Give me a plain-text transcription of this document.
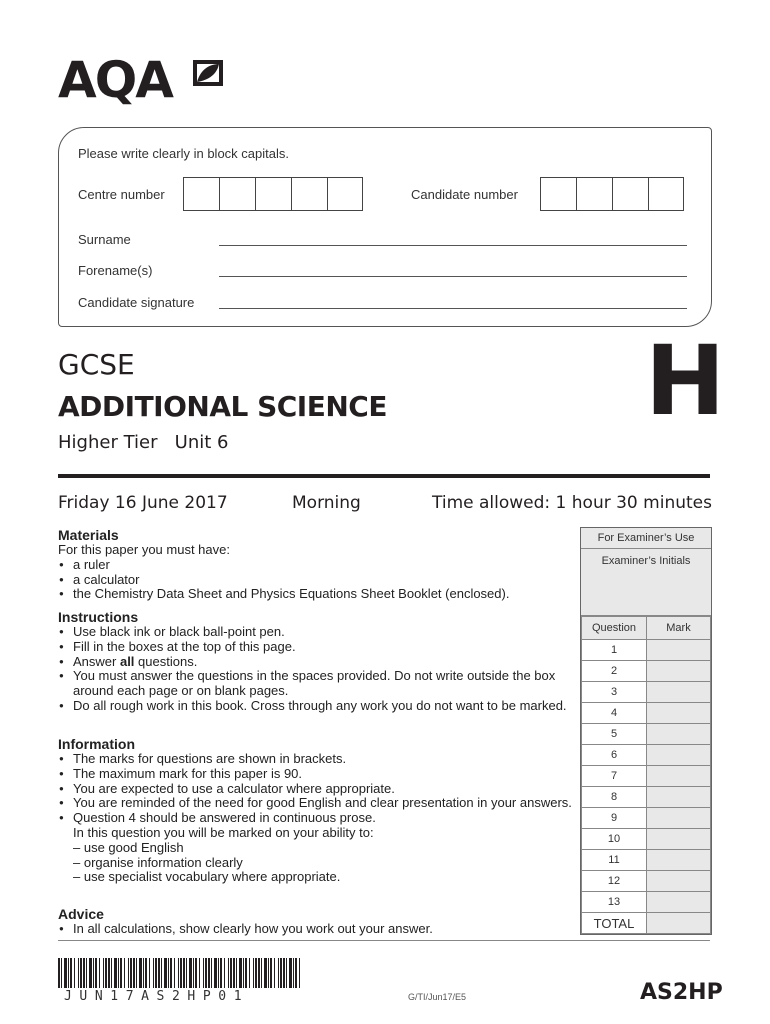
AQA
Please write clearly in block capitals.
Centre number	Candidate number
Surname
Forename(s)
Candidate signature
GCSE
ADDITIONAL SCIENCE
Higher Tier Unit 6
H
Friday 16 June 2017	Morning	Time allowed: 1 hour 30 minutes
Materials
For this paper you must have:
● a ruler
● a calculator
● the Chemistry Data Sheet and Physics Equations Sheet Booklet (enclosed).
Instructions
● Use black ink or black ball-point pen.
● Fill in the boxes at the top of this page.
● Answer all questions.
● You must answer the questions in the spaces provided. Do not write outside the box around each page or on blank pages.
● Do all rough work in this book. Cross through any work you do not want to be marked.
Information
● The marks for questions are shown in brackets.
● The maximum mark for this paper is 90.
● You are expected to use a calculator where appropriate.
● You are reminded of the need for good English and clear presentation in your answers.
● Question 4 should be answered in continuous prose.
In this question you will be marked on your ability to:
– use good English
– organise information clearly
– use specialist vocabulary where appropriate.
Advice
● In all calculations, show clearly how you work out your answer.
For Examiner’s Use
Examiner’s Initials
Question	Mark
1	
2	
3	
4	
5	
6	
7	
8	
9	
10	
11	
12	
13	
TOTAL	
JUN17AS2HP01	G/TI/Jun17/E5	AS2HP
